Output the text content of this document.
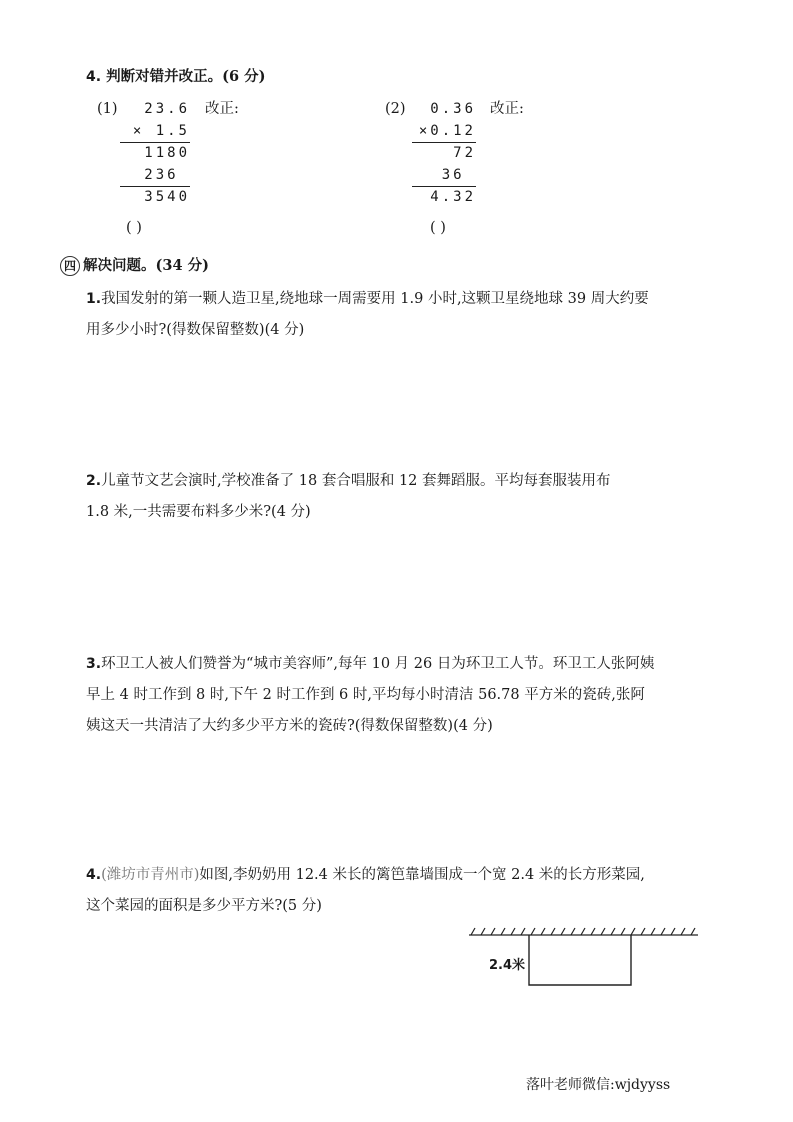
4. 判断对错并改正。(6 分)
(1) 23.6
× 1.5
1180
236
3540
改正:
( )
(2) 0.36
×0.12
72
36
4.32
改正:
( )
四 解决问题。(34 分)
1.我国发射的第一颗人造卫星,绕地球一周需要用 1.9 小时,这颗卫星绕地球 39 周大约要
用多少小时?(得数保留整数)(4 分)
2.儿童节文艺会演时,学校准备了 18 套合唱服和 12 套舞蹈服。平均每套服装用布
1.8 米,一共需要布料多少米?(4 分)
3.环卫工人被人们赞誉为“城市美容师”,每年 10 月 26 日为环卫工人节。环卫工人张阿姨
早上 4 时工作到 8 时,下午 2 时工作到 6 时,平均每小时清洁 56.78 平方米的瓷砖,张阿
姨这天一共清洁了大约多少平方米的瓷砖?(得数保留整数)(4 分)
4.(潍坊市青州市)如图,李奶奶用 12.4 米长的篱笆靠墙围成一个宽 2.4 米的长方形菜园,
这个菜园的面积是多少平方米?(5 分)
2.4米
落叶老师微信:wjdyyss
